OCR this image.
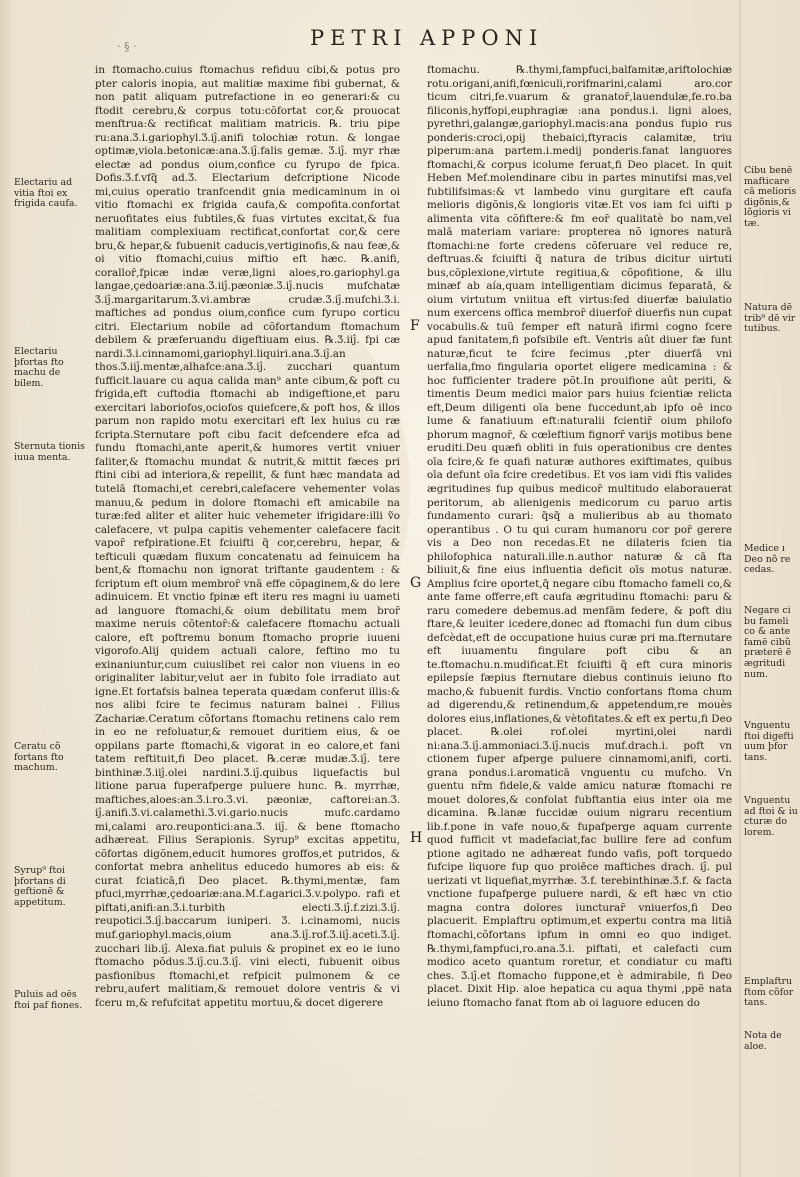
· § ·	PETRI APPONI

in ftomacho.cuius ftomachus refiduu cibi,& potus pro pter caloris inopia, aut malitiæ maxime fibi gubernat, & non patit aliquam putrefactione in eo generari:& cu ftodit cerebru,& corpus totu:cõfortat cor,& prouocat menftrua:& rectificat malitiam matricis. ℞. triu pipe ru:ana.Ʒ.i.gariophyl.Ʒ.iĵ.anifi tolochiæ rotun. & longae optimæ,viola.betonicæ:ana.Ʒ.iĵ.falis gemæ. Ʒ.iĵ. myr rhæ electæ ad pondus oium,confice cu fyrupo de fpica. Dofis.Ʒ.f.vfq̃ ad.Ʒ. Electarium defcriptione Nicode mi,cuius operatio tranfcendit gnia medicaminum in oi vitio ftomachi ex frigida caufa,& compofita.confortat neruofitates eius fubtiles,& fuas virtutes excitat,& fua malitiam complexiuam rectificat,confortat cor,& cere bru,& hepar,& fubuenit caducis,vertiginofis,& nau feæ,& oi vitio ftomachi,cuius miftio eft hæc. ℞.anifi, coralloȓ,fpicæ indæ veræ,ligni aloes,ro.gariophyl.ga langae,çedoariæ:ana.Ʒ.iiĵ.pæoniæ.Ʒ.iĵ.nucis mufchatæ Ʒ.iĵ.margaritarum.Ʒ.vi.ambræ crudæ.Ʒ.iĵ.mufchi.Ʒ.i. maftiches ad pondus oium,confice cum fyrupo corticu citri. Electarium nobile ad cõfortandum ftomachum debilem & præferuandu digeftiuam eius. ℞.Ʒ.iiĵ. fpi cæ nardi.Ʒ.i.cinnamomi,gariophyl.liquiri.ana.Ʒ.iĵ.an thos.Ʒ.iiĵ.mentæ,alhafce:ana.Ʒ.iĵ. zucchari quantum fufficit.lauare cu aqua calida man⁹ ante cibum,& poft cu frigida,eft cuftodia ftomachi ab indigeftione,et paru exercitari laboriofos,ociofos quiefcere,& poft hos, & illos parum non rapido motu exercitari eft lex huius cu ræ fcripta.Sternutare poft cibu facit defcendere efca ad fundu ftomachi,ante aperit,& humores vertit vniuer faliter,& ftomachu mundat & nutrit,& mittit fæces pri ftini cibi ad interiora,& repellit, & funt hæc mandata ad tutelā ftomachi,et cerebri,calefacere vehementer volas manuu,& pedum in dolore ftomachi eft amicabile na turæ:fed aliter et aliter huic vehemeter ifrigidare:illi ṽo calefacere, vt pulpa capitis vehementer calefacere facit vapoȓ refpiratione.Et fciuifti q̃ cor,cerebru, hepar, & tefticuli quædam fluxum concatenatu ad feinuicem ha bent,& ftomachu non ignorat triftante gaudentem : & fcriptum eft oium membroȓ vnā effe cõpaginem,& do lere adinuicem. Et vnctio fpinæ eft iteru res magni iu uameti ad languore ftomachi,& oium debilitatu mem broȓ maxime neruis cõtentoȓ:& calefacere ftomachu actuali calore, eft poftremu bonum ftomacho proprie iuueni vigorofo.Alij quidem actuali calore, feftino mo tu exinaniuntur,cum cuiuslibet rei calor non viuens in eo originaliter labitur,velut aer in fubito fole irradiato aut igne.Et fortafsis balnea teperata quædam conferut illis:& nos alibi fcire te fecimus naturam balnei . Filius Zachariæ.Ceratum cõfortans ftomachu retinens calo rem in eo ne refoluatur,& remouet duritiem eius, & oe oppilans parte ftomachi,& vigorat in eo calore,et fani tatem reftituit,fi Deo placet. ℞.ceræ mudæ.Ʒ.iĵ. tere binthinæ.Ʒ.iiĵ.olei nardini.Ʒ.iĵ.quibus liquefactis bul litione parua fuperafperge puluere hunc. ℞. myrrhæ, maftiches,aloes:an.Ʒ.i.ro.Ʒ.vi. pæoniæ, caftorei:an.Ʒ. iĵ.anifi.Ʒ.vi.calamethi.Ʒ.vi.gario.nucis mufc.cardamo mi,calami aro.reupontici:ana.Ʒ. iiĵ. & bene ftomacho adhæreat. Filius Serapionis. Syrup⁹ excitas appetitu, cõfortas digõnem,educit humores groffos,et putridos, & confortat mebra anhelitus educedo humores ab eis: & curat fciaticā,fi Deo placet. ℞.thymi,mentæ, fam pfuci,myrrhæ,çedoariæ:ana.M.f.agarici.Ʒ.v.polypo. rafi et piftati,anifi:an.Ʒ.i.turbith electi.Ʒ.iĵ.f.zizi.Ʒ.iĵ. reupotici.Ʒ.iĵ.baccarum iuniperi. Ʒ. i.cinamomi, nucis muf.gariophyl.macis,oium ana.Ʒ.iĵ.rof.Ʒ.iiĵ.aceti.Ʒ.iĵ. zucchari lib.iĵ. Alexa.fiat puluis & propinet ex eo ie iuno ftomacho põdus.Ʒ.iĵ.cu.Ʒ.iĵ. vini electi, fubuenit oibus pasfionibus ftomachi,et refpicit pulmonem & ce rebru,aufert malitiam,& remouet dolore ventris & vi fceru m,& refufcitat appetitu mortuu,& docet digerere

ftomachu. ℞.thymi,fampfuci,balfamitæ,ariftolochiæ rotu.origani,anifi,fœniculi,rorifmarini,calami aro.cor ticum citri,fe.vuarum & granatoȓ,lauendulæ,fe.ro.ba filiconis,hyffopi,euphragiæ :ana pondus.i. ligni aloes, pyrethri,galangæ,gariophyl.macis:ana pondus fupio rus ponderis:croci,opij thebaici,ftyracis calamitæ, triu piperum:ana partem.i.medij ponderis.fanat languores ftomachi,& corpus icolume feruat,fi Deo placet. In quit Heben Mef.molendinare cibu in partes minutifsi mas,vel fubtilifsimas:& vt lambedo vinu gurgitare eft caufa melioris digõnis,& longioris vitæ.Et vos iam fci uifti p alimenta vita cõfiftere:& fm eoȓ qualitatè bo nam,vel malā materiam variare: propterea nõ ignores naturā ftomachi:ne forte credens cõferuare vel reduce re, deftruas.& fciuifti q̃ natura de tribus dicitur uirtuti bus,cõplexione,virtute regitiua,& cõpofitione, & illu minæf ab aía,quam intelligentiam dicimus feparatā, & oium virtutum vniitua eft virtus:fed diuerfæ baiulatio num exercens offica membroȓ diuerfoȓ diuerfis nun cupat vocabulis.& tuũ femper eft naturā ifirmi cogno fcere apud fanitatem,fi pofsibile eft. Ventris aût diuer fæ funt naturæ,ficut te fcire fecimus ,pter diuerfā vni uerfalia,fmo fingularia oportet eligere medicamina : & hoc fufficienter tradere põt.In prouifione aût periti, & timentis Deum medici maior pars huius fcientiæ relicta eft,Deum diligenti oīa bene fuccedunt,ab ipfo oē inco lume & fanatiuum eft:naturalii fcientiȓ oium philofo phorum magnoȓ, & cœleftium fignorȓ varijs motibus bene eruditi.Deu quæfi obliti in fuis operationibus cre dentes oīa fcire,& fe quafi naturæ authores exiftimates, quibus oīa defunt oīa fcire credetibus. Et vos iam vidi ftis valides ægritudines fup quibus medicoȓ multitudo elaborauerat peritorum, ab alienigenis medicorum cu paruo artis fundamento curari: q̃sq̃ a mulieribus ab au thomato operantibus . O tu qui curam humanoru cor poȓ gerere vis a Deo non recedas.Et ne dilateris fcien tia philofophica naturali.ille.n.author naturæ & cā fta biliuit,& fine eius influentia deficit oīs motus naturæ. Amplius fcire oportet,q̃ negare cibu ftomacho fameli co,& ante fame offerre,eft caufa ægritudinu ftomachi: paru & raru comedere debemus.ad menfām federe, & poft diu ftare,& leuiter icedere,donec ad ftomachi fun dum cibus defcèdat,eft de occupatione huius curæ pri ma.fternutare eft iuuamentu fingulare poft cibu & an te.ftomachu.n.mudificat.Et fciuifti q̃ eft cura minoris epilepsíe fæpius fternutare diebus continuis ieiuno fto macho,& fubuenit furdis. Vnctio confortans ftoma chum ad digerendu,& retinendum,& appetendum,re mouès dolores eius,inflationes,& vètofitates.& eft ex pertu,fi Deo placet. ℞.olei rof.olei myrtini,olei nardi ni:ana.Ʒ.iĵ.ammoniaci.Ʒ.iĵ.nucis muf.drach.i. poft vn ctionem fuper afperge puluere cinnamomi,anifi, corti. grana pondus.i.aromaticā vnguentu cu mufcho. Vn guentu nȓm fidele,& valde amicu naturæ ftomachi re mouet dolores,& confolat fubftantia eius inter oia me dicamina. ℞.lanæ fuccidæ ouium nigraru recentium lib.f.pone in vafe nouo,& fupafperge aquam currente quod fufficit vt madefaciat,fac bullire fere ad confum ptione agitado ne adhæreat fundo vafis, poft torquedo fufcipe liquore fup quo proiēce maftiches drach. iĵ. pul uerizati vt liquefiat,myrrhæ. Ʒ.f. terebinthinæ.Ʒ.f. & facta vnctione fupafperge puluere nardi, & eft hæc vn ctio magna contra dolores iuncturaȓ vniuerfos,fi Deo placuerit. Emplaftru optimum,et expertu contra ma litiā ftomachi,cõfortans ipfum in omni eo quo indiget. ℞.thymi,fampfuci,ro.ana.Ʒ.i. piftati, et calefacti cum modico aceto quantum roretur, et condiatur cu mafti ches. Ʒ.iĵ.et ftomacho fuppone,et è admirabile, fi Deo placet. Dixit Hip. aloe hepatica cu aqua thymi ,ppẽ nata ieiuno ftomacho fanat ftom ab oi laguore educen do

F
G
H
Electariu ad vitia ftoi ex frigida caufa.
Electariu þfortas fto machu de bilem.
Sternuta tionis iuua menta.
Ceratu cõ fortans fto machum.
Syrup⁹ ftoi þfortans di geftionē & appetitum.
Puluis ad oēs ftoi paf fiones.
Cibu benē mafticare cā melioris digõnis,& lõgioris vi tæ.
Natura dē trib⁹ dē vir tutibus.
Medice ı Deo nõ re cedas.
Negare ci bu fameli co & ante famē cibũ præterē ē ægritudi num.
Vnguentu ftoi digefti uum þfor tans.
Vnguentu ad ftoi & iu cturæ do lorem.
Emplaftru ftom cõfor tans.
Nota de aloe.
